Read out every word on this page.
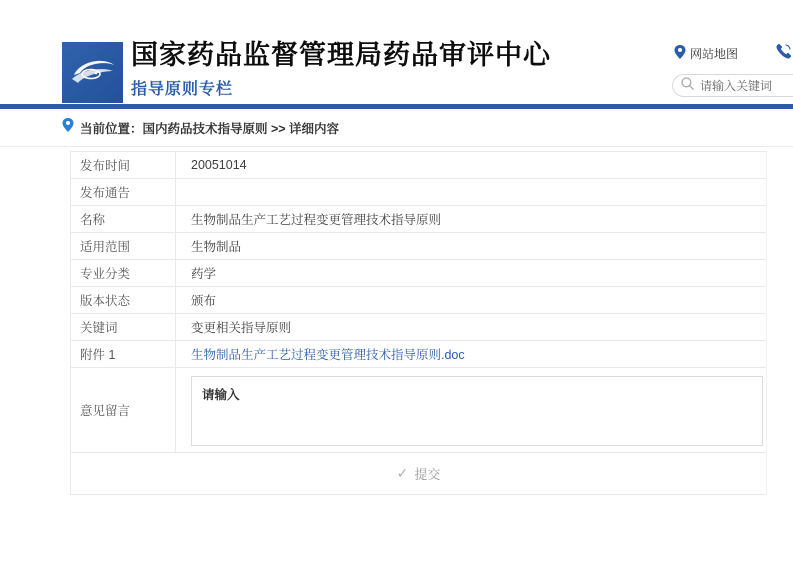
国家药品监督管理局药品审评中心
指导原则专栏
网站地图
请输入关键词
当前位置：国内药品技术指导原则 >> 详细内容
发布时间	20051014
发布通告
名称	生物制品生产工艺过程变更管理技术指导原则
适用范围	生物制品
专业分类	药学
版本状态	颁布
关键词	变更相关指导原则
附件 1	生物制品生产工艺过程变更管理技术指导原则.doc
意见留言
请输入
✓ 提交
